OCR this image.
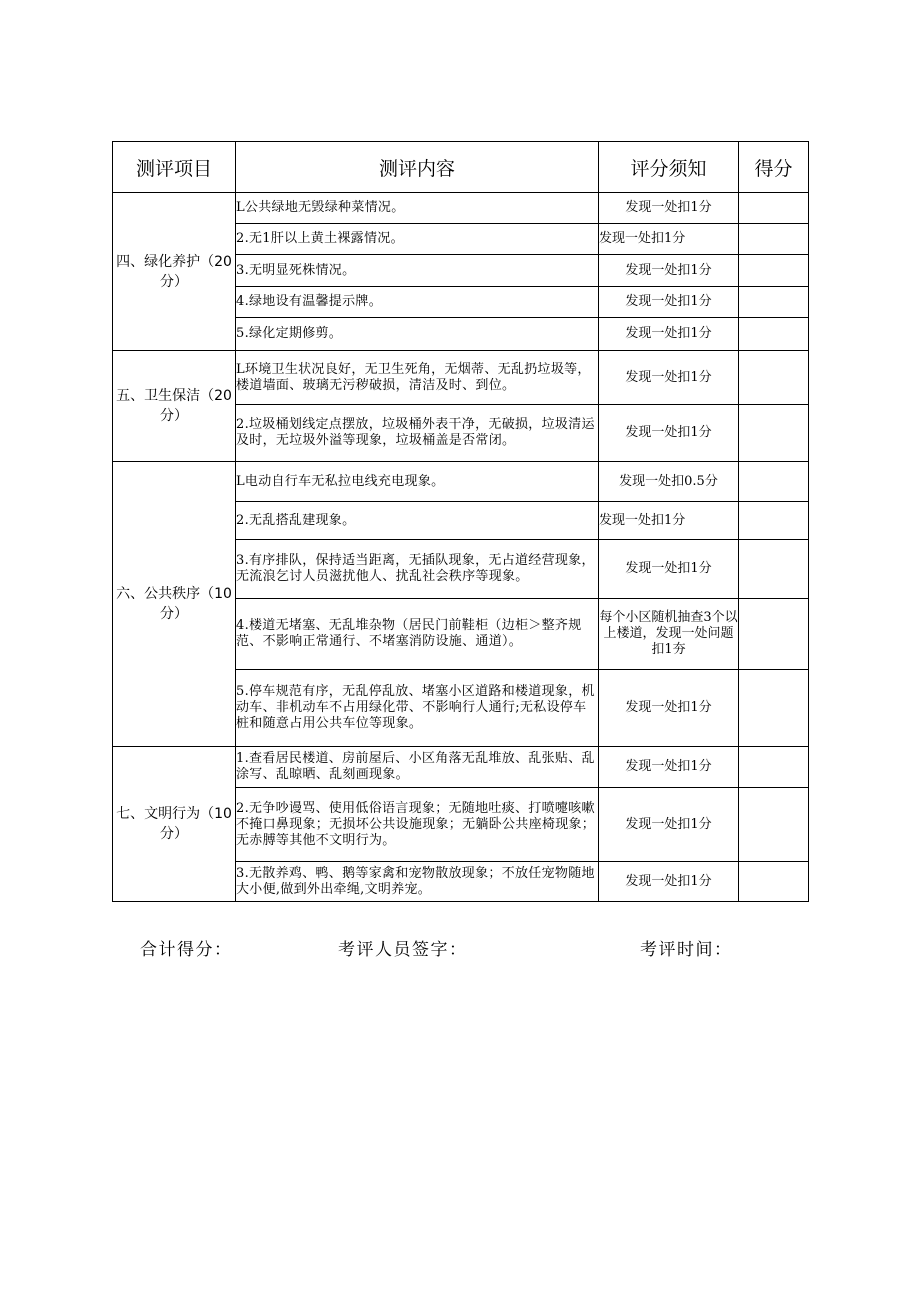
测评项目	测评内容	评分须知	得分
四、绿化养护（20分）	L公共绿地无毁绿种菜情况。	发现一处扣1分	
	2.无1肝以上黄土裸露情况。	发现一处扣1分	
	3.无明显死株情况。	发现一处扣1分	
	4.绿地设有温馨提示牌。	发现一处扣1分	
	5.绿化定期修剪。	发现一处扣1分	
五、卫生保洁（20分）	L环境卫生状况良好，无卫生死角，无烟蒂、无乱扔垃圾等，楼道墙面、玻璃无污秽破损，清洁及时、到位。	发现一处扣1分	
	2.垃圾桶划线定点摆放，垃圾桶外表干净，无破损，垃圾清运及时，无垃圾外溢等现象，垃圾桶盖是否常闭。	发现一处扣1分	
六、公共秩序（10分）	L电动自行车无私拉电线充电现象。	发现一处扣0.5分	
	2.无乱搭乱建现象。	发现一处扣1分	
	3.有序排队，保持适当距离，无插队现象，无占道经营现象，无流浪乞讨人员滋扰他人、扰乱社会秩序等现象。	发现一处扣1分	
	4.楼道无堵塞、无乱堆杂物（居民门前鞋柜（边柜＞整齐规范、不影响正常通行、不堵塞消防设施、通道）。	每个小区随机抽查3个以上楼道，发现一处问题扣1夯	
	5.停车规范有序，无乱停乱放、堵塞小区道路和楼道现象，机动车、非机动车不占用绿化带、不影响行人通行;无私设停车桩和随意占用公共车位等现象。	发现一处扣1分	
七、文明行为（10分）	1.查看居民楼道、房前屋后、小区角落无乱堆放、乱张贴、乱涂写、乱晾晒、乱刻画现象。	发现一处扣1分	
	2.无争吵谩骂、使用低俗语言现象；无随地吐痰、打喷嚏咳嗽不掩口鼻现象；无损坏公共设施现象；无躺卧公共座椅现象；无赤膊等其他不文明行为。	发现一处扣1分	
	3.无散养鸡、鸭、鹅等家禽和宠物散放现象；不放任宠物随地大小便,做到外出牵绳,文明养宠。	发现一处扣1分	
合计得分：	考评人员签字：	考评时间：
